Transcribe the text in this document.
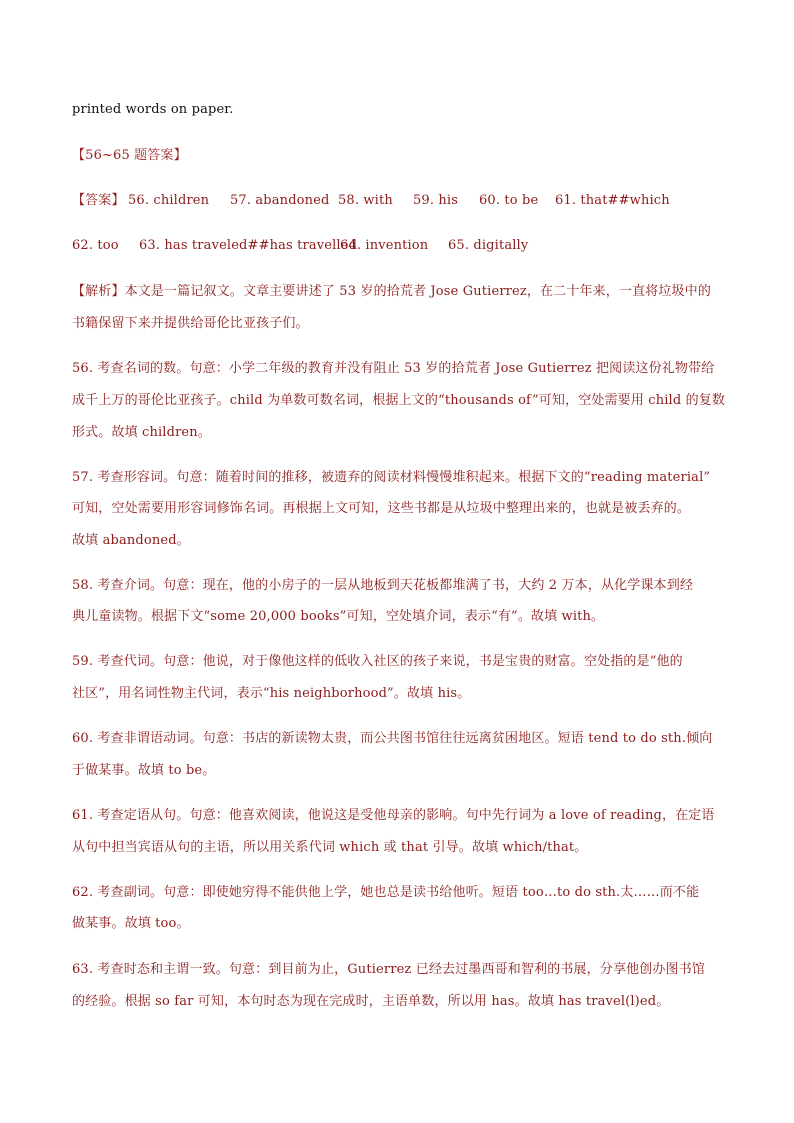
printed words on paper.
【56~65 题答案】
【答案】 56. children 57. abandoned 58. with 59. his 60. to be 61. that##which
62. too 63. has traveled##has travelled
64. invention 65. digitally
【解析】本文是一篇记叙文。文章主要讲述了 53 岁的拾荒者 Jose Gutierrez，在二十年来，一直将垃圾中的
书籍保留下来并提供给哥伦比亚孩子们。
56. 考查名词的数。句意：小学二年级的教育并没有阻止 53 岁的拾荒者 Jose Gutierrez 把阅读这份礼物带给
成千上万的哥伦比亚孩子。child 为单数可数名词，根据上文的“thousands of”可知，空处需要用 child 的复数
形式。故填 children。
57. 考查形容词。句意：随着时间的推移，被遗弃的阅读材料慢慢堆积起来。根据下文的“reading material”
可知，空处需要用形容词修饰名词。再根据上文可知，这些书都是从垃圾中整理出来的，也就是被丢弃的。
故填 abandoned。
58. 考查介词。句意：现在，他的小房子的一层从地板到天花板都堆满了书，大约 2 万本，从化学课本到经
典儿童读物。根据下文“some 20,000 books”可知，空处填介词，表示“有”。故填 with。
59. 考查代词。句意：他说，对于像他这样的低收入社区的孩子来说，书是宝贵的财富。空处指的是“他的
社区”，用名词性物主代词，表示“his neighborhood”。故填 his。
60. 考查非谓语动词。句意：书店的新读物太贵，而公共图书馆往往远离贫困地区。短语 tend to do sth.倾向
于做某事。故填 to be。
61. 考查定语从句。句意：他喜欢阅读，他说这是受他母亲的影响。句中先行词为 a love of reading，在定语
从句中担当宾语从句的主语，所以用关系代词 which 或 that 引导。故填 which/that。
62. 考查副词。句意：即使她穷得不能供他上学，她也总是读书给他听。短语 too…to do sth.太……而不能
做某事。故填 too。
63. 考查时态和主谓一致。句意：到目前为止，Gutierrez 已经去过墨西哥和智利的书展，分享他创办图书馆
的经验。根据 so far 可知，本句时态为现在完成时，主语单数，所以用 has。故填 has travel(l)ed。
